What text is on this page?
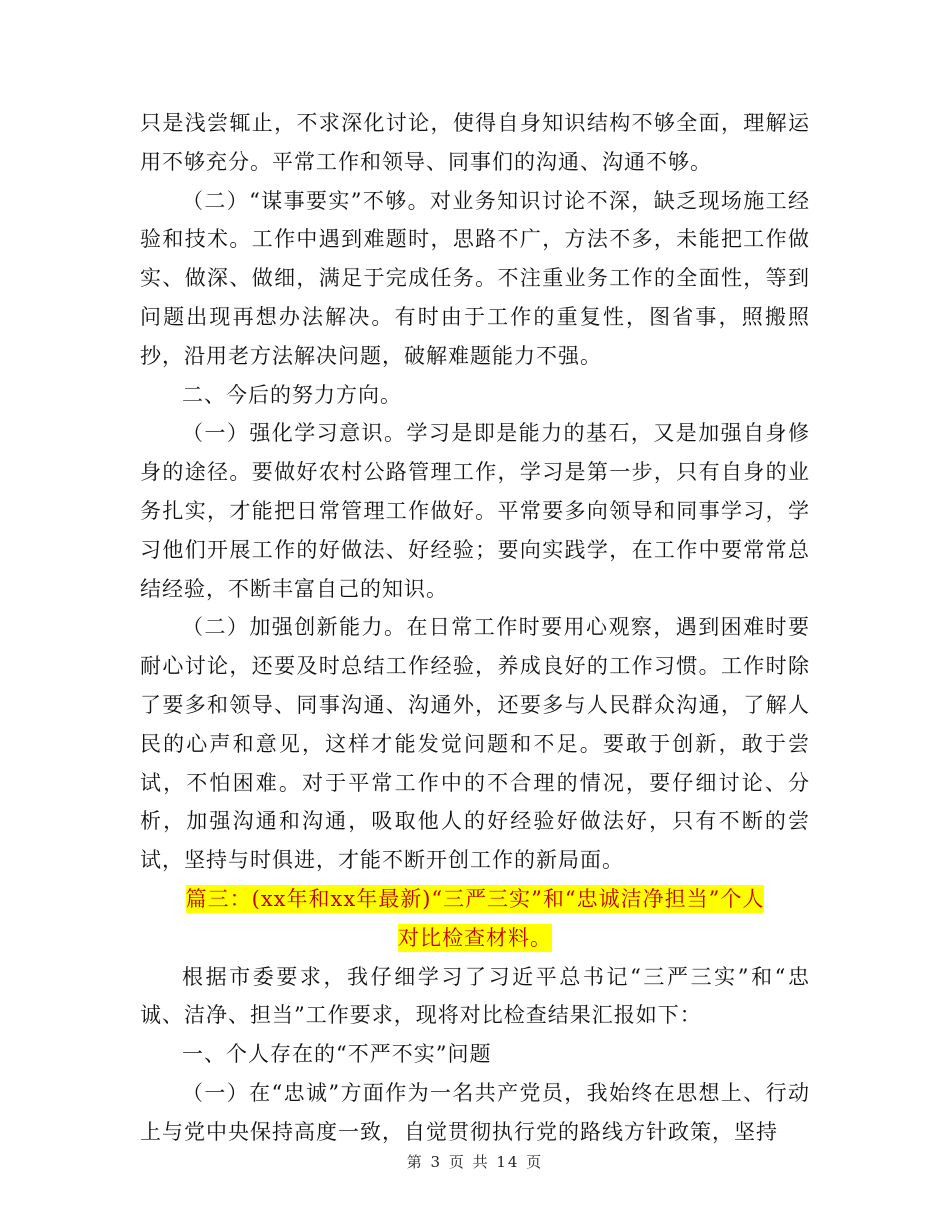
只是浅尝辄止，不求深化讨论，使得自身知识结构不够全面，理解运用不够充分。平常工作和领导、同事们的沟通、沟通不够。

（二）“谋事要实”不够。对业务知识讨论不深，缺乏现场施工经验和技术。工作中遇到难题时，思路不广，方法不多，未能把工作做实、做深、做细，满足于完成任务。不注重业务工作的全面性，等到问题出现再想办法解决。有时由于工作的重复性，图省事，照搬照抄，沿用老方法解决问题，破解难题能力不强。

二、今后的努力方向。

（一）强化学习意识。学习是即是能力的基石，又是加强自身修身的途径。要做好农村公路管理工作，学习是第一步，只有自身的业务扎实，才能把日常管理工作做好。平常要多向领导和同事学习，学习他们开展工作的好做法、好经验；要向实践学，在工作中要常常总结经验，不断丰富自己的知识。

（二）加强创新能力。在日常工作时要用心观察，遇到困难时要耐心讨论，还要及时总结工作经验，养成良好的工作习惯。工作时除了要多和领导、同事沟通、沟通外，还要多与人民群众沟通，了解人民的心声和意见，这样才能发觉问题和不足。要敢于创新，敢于尝试，不怕困难。对于平常工作中的不合理的情况，要仔细讨论、分析，加强沟通和沟通，吸取他人的好经验好做法好，只有不断的尝试，坚持与时俱进，才能不断开创工作的新局面。

篇三：(xx年和xx年最新)“三严三实”和“忠诚洁净担当”个人

对比检查材料。

根据市委要求，我仔细学习了习近平总书记“三严三实”和“忠诚、洁净、担当”工作要求，现将对比检查结果汇报如下：

一、个人存在的“不严不实”问题

（一）在“忠诚”方面作为一名共产党员，我始终在思想上、行动上与党中央保持高度一致，自觉贯彻执行党的路线方针政策，坚持

第 3 页 共 14 页
